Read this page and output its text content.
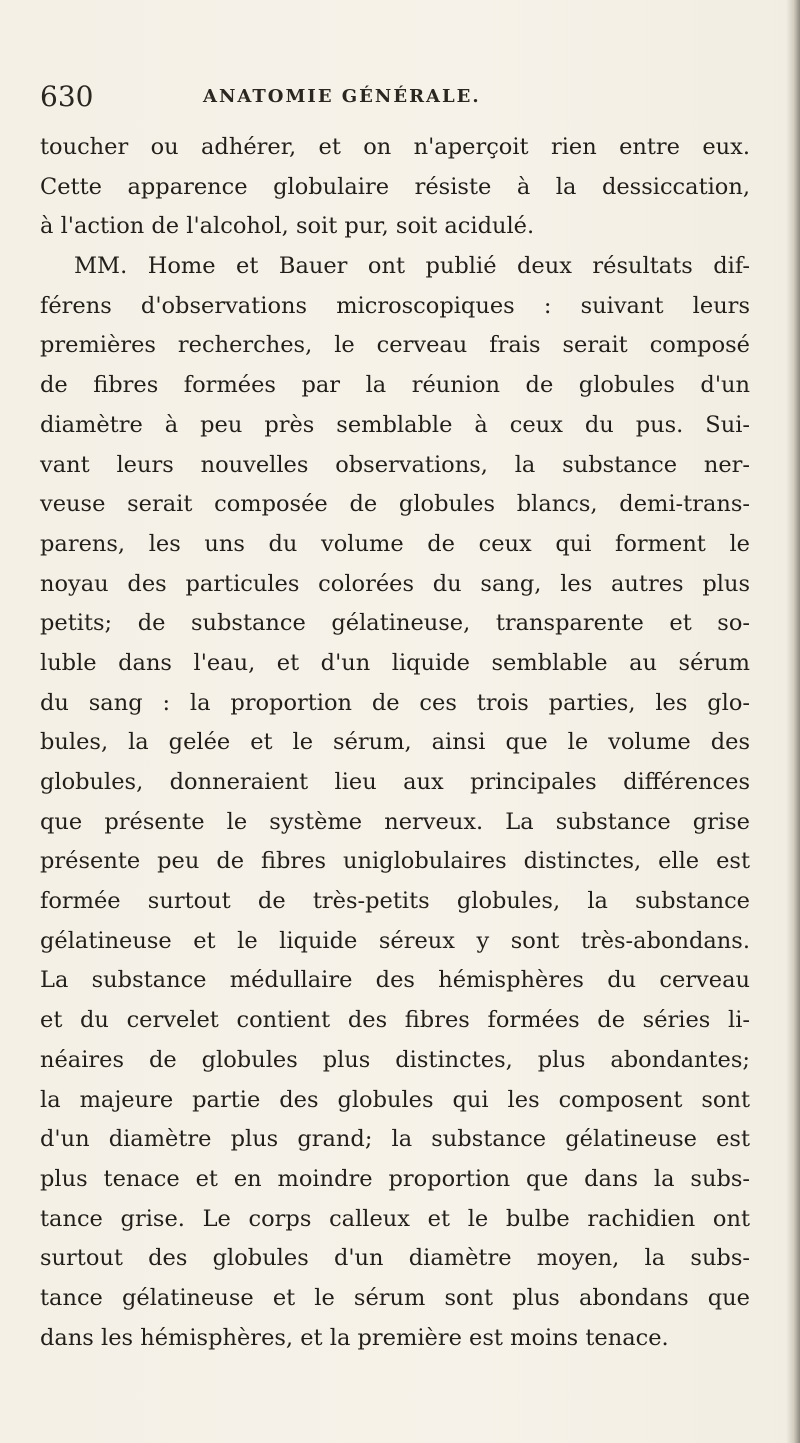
630	ANATOMIE GÉNÉRALE.
toucher ou adhérer, et on n'aperçoit rien entre eux.
Cette apparence globulaire résiste à la dessiccation,
à l'action de l'alcohol, soit pur, soit acidulé.
MM. Home et Bauer ont publié deux résultats dif-
férens d'observations microscopiques : suivant leurs
premières recherches, le cerveau frais serait composé
de fibres formées par la réunion de globules d'un
diamètre à peu près semblable à ceux du pus. Sui-
vant leurs nouvelles observations, la substance ner-
veuse serait composée de globules blancs, demi-trans-
parens, les uns du volume de ceux qui forment le
noyau des particules colorées du sang, les autres plus
petits; de substance gélatineuse, transparente et so-
luble dans l'eau, et d'un liquide semblable au sérum
du sang : la proportion de ces trois parties, les glo-
bules, la gelée et le sérum, ainsi que le volume des
globules, donneraient lieu aux principales différences
que présente le système nerveux. La substance grise
présente peu de fibres uniglobulaires distinctes, elle est
formée surtout de très-petits globules, la substance
gélatineuse et le liquide séreux y sont très-abondans.
La substance médullaire des hémisphères du cerveau
et du cervelet contient des fibres formées de séries li-
néaires de globules plus distinctes, plus abondantes;
la majeure partie des globules qui les composent sont
d'un diamètre plus grand; la substance gélatineuse est
plus tenace et en moindre proportion que dans la subs-
tance grise. Le corps calleux et le bulbe rachidien ont
surtout des globules d'un diamètre moyen, la subs-
tance gélatineuse et le sérum sont plus abondans que
dans les hémisphères, et la première est moins tenace.
